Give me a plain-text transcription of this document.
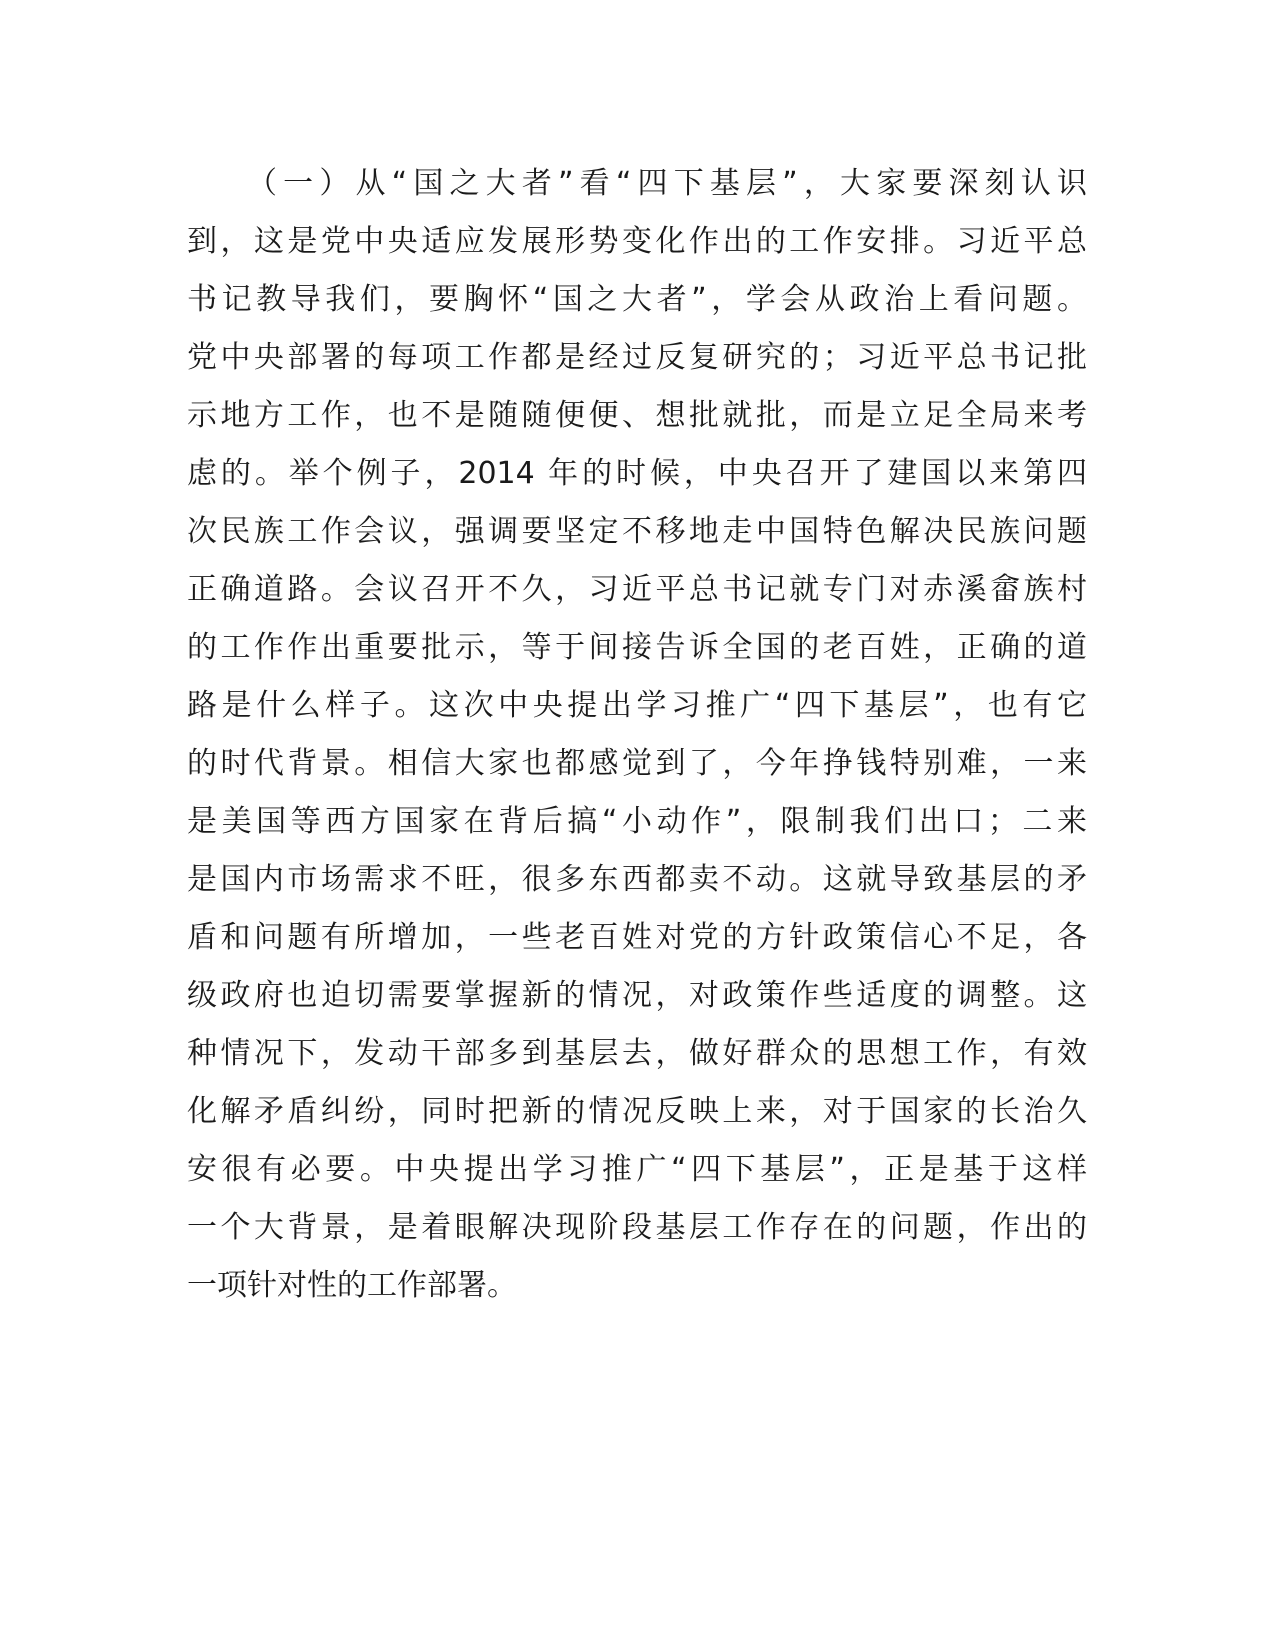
（一）从“国之大者”看“四下基层”，大家要深刻认识
到，这是党中央适应发展形势变化作出的工作安排。习近平总
书记教导我们，要胸怀“国之大者”，学会从政治上看问题。
党中央部署的每项工作都是经过反复研究的；习近平总书记批
示地方工作，也不是随随便便、想批就批，而是立足全局来考
虑的。举个例子，2014 年的时候，中央召开了建国以来第四
次民族工作会议，强调要坚定不移地走中国特色解决民族问题
正确道路。会议召开不久，习近平总书记就专门对赤溪畲族村
的工作作出重要批示，等于间接告诉全国的老百姓，正确的道
路是什么样子。这次中央提出学习推广“四下基层”，也有它
的时代背景。相信大家也都感觉到了，今年挣钱特别难，一来
是美国等西方国家在背后搞“小动作”，限制我们出口；二来
是国内市场需求不旺，很多东西都卖不动。这就导致基层的矛
盾和问题有所增加，一些老百姓对党的方针政策信心不足，各
级政府也迫切需要掌握新的情况，对政策作些适度的调整。这
种情况下，发动干部多到基层去，做好群众的思想工作，有效
化解矛盾纠纷，同时把新的情况反映上来，对于国家的长治久
安很有必要。中央提出学习推广“四下基层”，正是基于这样
一个大背景，是着眼解决现阶段基层工作存在的问题，作出的
一项针对性的工作部署。
